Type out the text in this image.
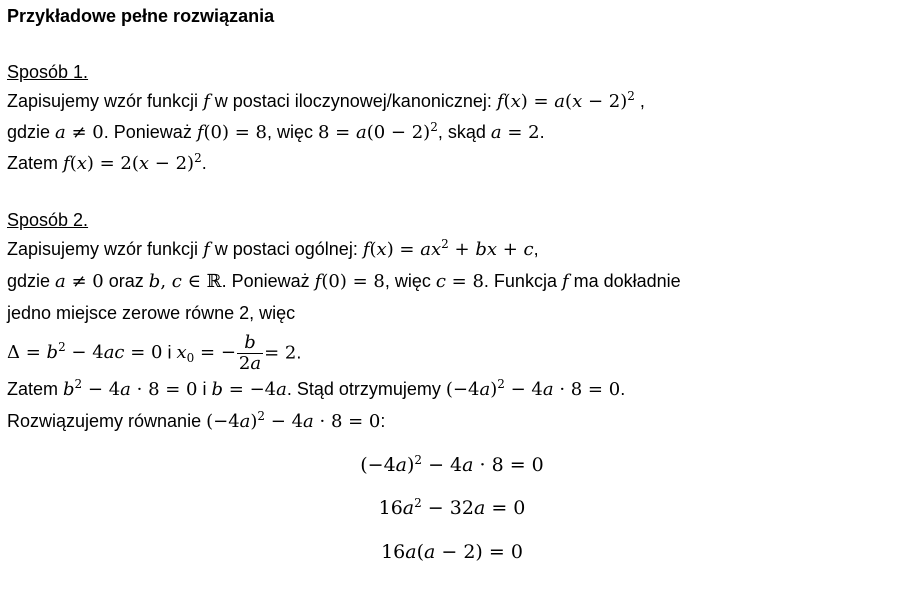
Przykładowe pełne rozwiązania
Sposób 1.
Zapisujemy wzór funkcji f w postaci iloczynowej/kanonicznej: $f(x) = a(x - 2)^2$ ,
gdzie a ≠ 0. Ponieważ f(0) = 8, więc $8 = a(0 - 2)^2$, skąd a = 2.
Zatem $f(x) = 2(x - 2)^2$.
Sposób 2.
Zapisujemy wzór funkcji f w postaci ogólnej: $f(x) = ax^2$ + bx + c,
gdzie a ≠ 0 oraz b, c ∈ ℝ. Ponieważ f(0) = 8, więc c = 8. Funkcja f ma dokładnie
jedno miejsce zerowe równe 2, więc
$\Delta = b^2 - 4ac = 0$ i $x_0$ = − $\frac{b}{2a} = 2$.
Zatem $b^2 - 4a \cdot 8 = 0$ i b = −4a. Stąd otrzymujemy $(-4a)^2 - 4a \cdot 8 = 0$.
Rozwiązujemy równanie $(-4a)^2 - 4a \cdot 8 = 0$:
$(-4a)^2 - 4a \cdot 8 = 0$
$16a^2 - 32a = 0$
16a(a − 2) = 0
